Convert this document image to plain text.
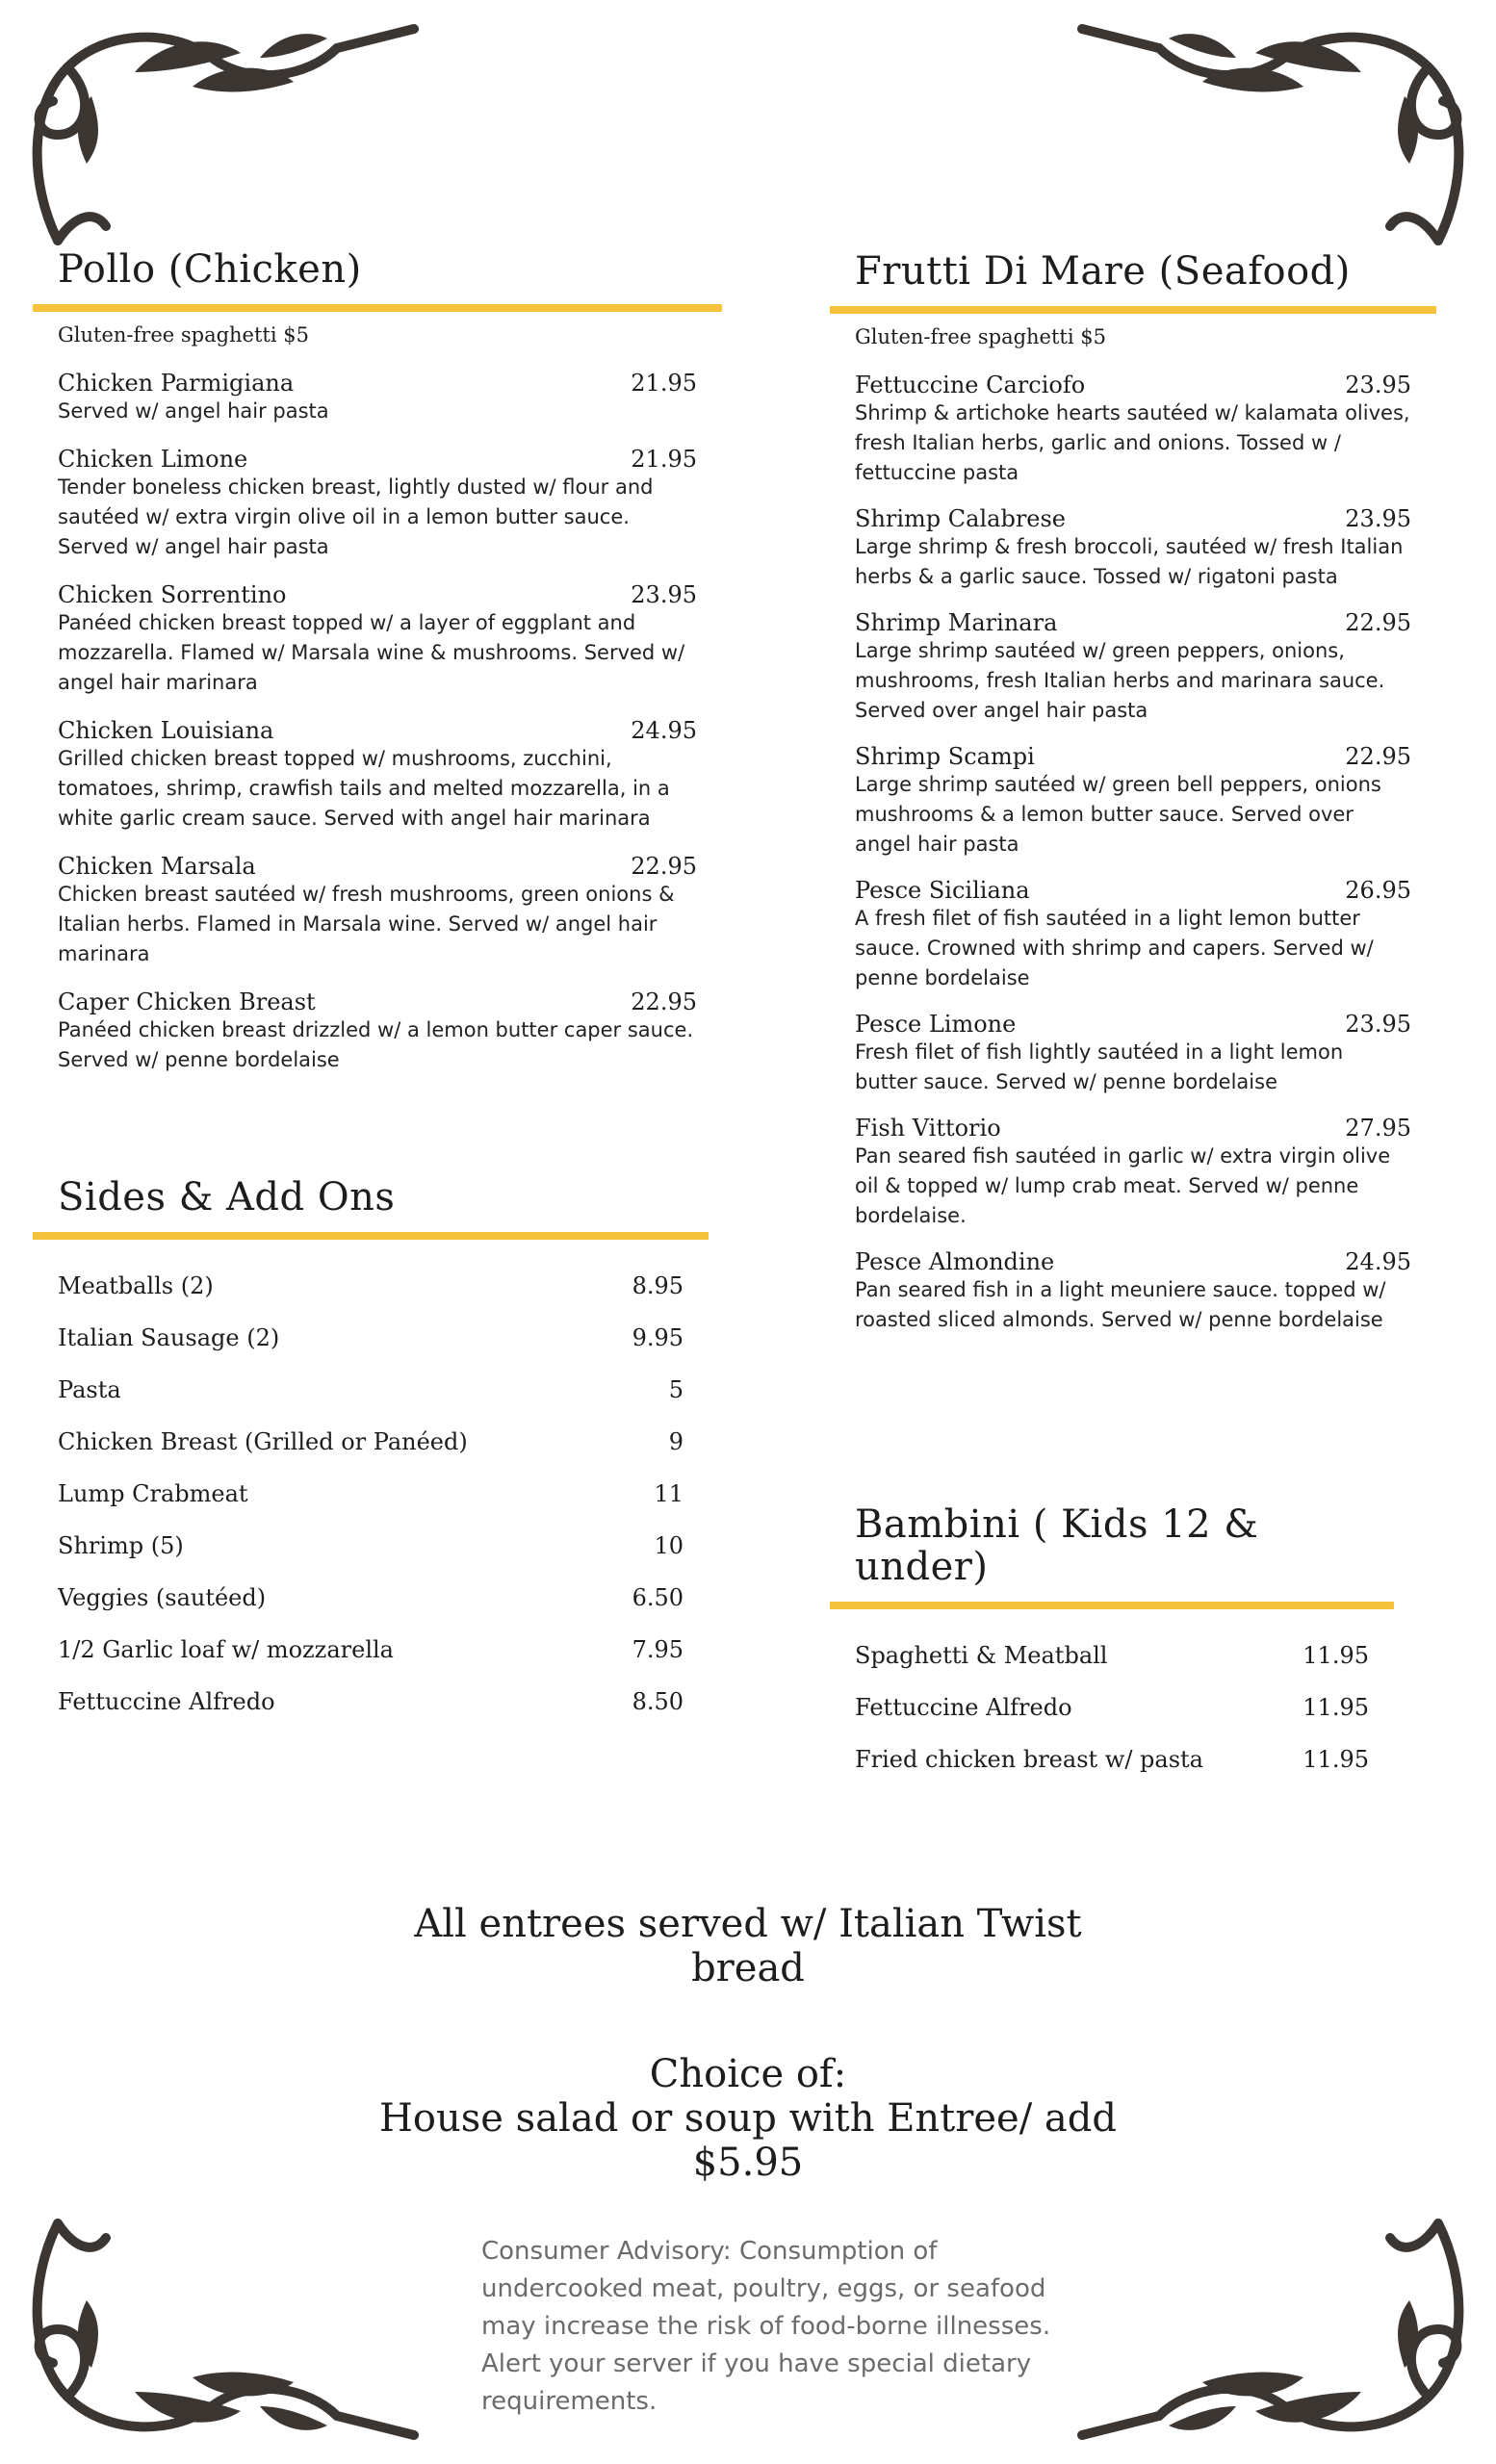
Pollo (Chicken)
Gluten-free spaghetti $5
Chicken Parmigiana	21.95
Served w/ angel hair pasta
Chicken Limone	21.95
Tender boneless chicken breast, lightly dusted w/ flour and sautéed w/ extra virgin olive oil in a lemon butter sauce. Served w/ angel hair pasta
Chicken Sorrentino	23.95
Panéed chicken breast topped w/ a layer of eggplant and mozzarella. Flamed w/ Marsala wine & mushrooms. Served w/ angel hair marinara
Chicken Louisiana	24.95
Grilled chicken breast topped w/ mushrooms, zucchini, tomatoes, shrimp, crawfish tails and melted mozzarella, in a white garlic cream sauce. Served with angel hair marinara
Chicken Marsala	22.95
Chicken breast sautéed w/ fresh mushrooms, green onions & Italian herbs. Flamed in Marsala wine. Served w/ angel hair marinara
Caper Chicken Breast	22.95
Panéed chicken breast drizzled w/ a lemon butter caper sauce. Served w/ penne bordelaise
Sides & Add Ons
Meatballs (2)	8.95
Italian Sausage (2)	9.95
Pasta	5
Chicken Breast (Grilled or Panéed)	9
Lump Crabmeat	11
Shrimp (5)	10
Veggies (sautéed)	6.50
1/2 Garlic loaf w/ mozzarella	7.95
Fettuccine Alfredo	8.50
Frutti Di Mare (Seafood)
Gluten-free spaghetti $5
Fettuccine Carciofo	23.95
Shrimp & artichoke hearts sautéed w/ kalamata olives, fresh Italian herbs, garlic and onions. Tossed w / fettuccine pasta
Shrimp Calabrese	23.95
Large shrimp & fresh broccoli, sautéed w/ fresh Italian herbs & a garlic sauce. Tossed w/ rigatoni pasta
Shrimp Marinara	22.95
Large shrimp sautéed w/ green peppers, onions, mushrooms, fresh Italian herbs and marinara sauce. Served over angel hair pasta
Shrimp Scampi	22.95
Large shrimp sautéed w/ green bell peppers, onions mushrooms & a lemon butter sauce. Served over angel hair pasta
Pesce Siciliana	26.95
A fresh filet of fish sautéed in a light lemon butter sauce. Crowned with shrimp and capers. Served w/ penne bordelaise
Pesce Limone	23.95
Fresh filet of fish lightly sautéed in a light lemon butter sauce. Served w/ penne bordelaise
Fish Vittorio	27.95
Pan seared fish sautéed in garlic w/ extra virgin olive oil & topped w/ lump crab meat. Served w/ penne bordelaise.
Pesce Almondine	24.95
Pan seared fish in a light meuniere sauce. topped w/ roasted sliced almonds. Served w/ penne bordelaise
Bambini ( Kids 12 & under)
Spaghetti & Meatball	11.95
Fettuccine Alfredo	11.95
Fried chicken breast w/ pasta	11.95
All entrees served w/ Italian Twist
bread
Choice of:
House salad or soup with Entree/ add
$5.95
Consumer Advisory: Consumption of undercooked meat, poultry, eggs, or seafood may increase the risk of food-borne illnesses. Alert your server if you have special dietary requirements.
